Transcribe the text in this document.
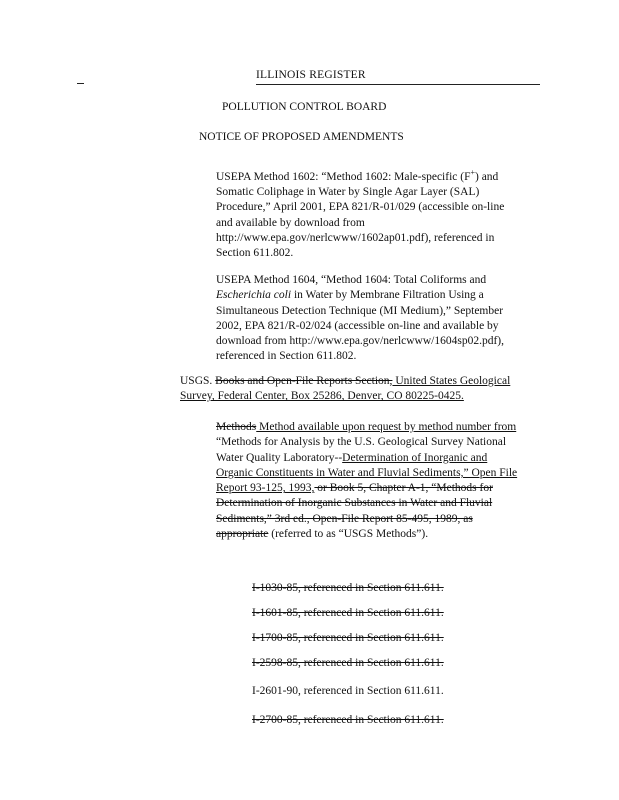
ILLINOIS REGISTER
POLLUTION CONTROL BOARD
NOTICE OF PROPOSED AMENDMENTS
USEPA Method 1602: “Method 1602: Male-specific (F+) and Somatic Coliphage in Water by Single Agar Layer (SAL) Procedure,” April 2001, EPA 821/R-01/029 (accessible on-line and available by download from http://www.epa.gov/nerlcwww/1602ap01.pdf), referenced in Section 611.802.
USEPA Method 1604, “Method 1604: Total Coliforms and Escherichia coli in Water by Membrane Filtration Using a Simultaneous Detection Technique (MI Medium),” September 2002, EPA 821/R-02/024 (accessible on-line and available by download from http://www.epa.gov/nerlcwww/1604sp02.pdf), referenced in Section 611.802.
USGS. Books and Open-File Reports Section, United States Geological Survey, Federal Center, Box 25286, Denver, CO 80225-0425.
Methods Method available upon request by method number from “Methods for Analysis by the U.S. Geological Survey National Water Quality Laboratory--Determination of Inorganic and Organic Constituents in Water and Fluvial Sediments,” Open File Report 93-125, 1993, or Book 5, Chapter A-1, “Methods for Determination of Inorganic Substances in Water and Fluvial Sediments,” 3rd ed., Open-File Report 85-495, 1989, as appropriate (referred to as “USGS Methods”).
I-1030-85, referenced in Section 611.611.
I-1601-85, referenced in Section 611.611.
I-1700-85, referenced in Section 611.611.
I-2598-85, referenced in Section 611.611.
I-2601-90, referenced in Section 611.611.
I-2700-85, referenced in Section 611.611.
